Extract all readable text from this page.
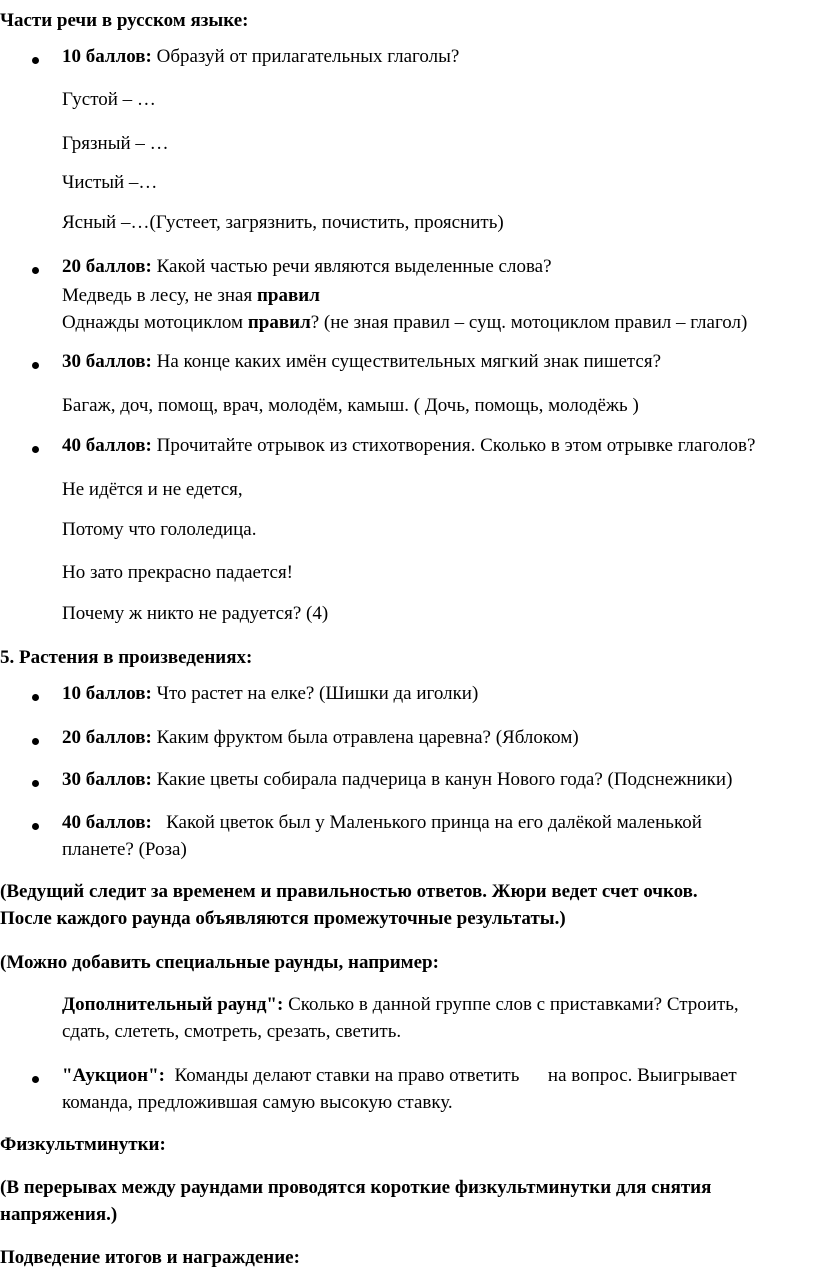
Части речи в русском языке:
10 баллов: Образуй от прилагательных глаголы?
Густой – …
Грязный – …
Чистый –…
Ясный –…(Густеет, загрязнить, почистить, прояснить)
20 баллов: Какой частью речи являются выделенные слова?
Медведь в лесу, не зная правил
Однажды мотоциклом правил? (не зная правил – сущ. мотоциклом правил – глагол)
30 баллов: На конце каких имён существительных мягкий знак пишется?
Багаж, доч, помощ, врач, молодём, камыш. ( Дочь, помощь, молодёжь )
40 баллов: Прочитайте отрывок из стихотворения. Сколько в этом отрывке глаголов?
Не идётся и не едется,
Потому что гололедица.
Но зато прекрасно падается!
Почему ж никто не радуется? (4)
5. Растения в произведениях:
10 баллов: Что растет на елке? (Шишки да иголки)
20 баллов: Каким фруктом была отравлена царевна? (Яблоком)
30 баллов: Какие цветы собирала падчерица в канун Нового года? (Подснежники)
40 баллов:   Какой цветок был у Маленького принца на его далёкой маленькой
планете? (Роза)
(Ведущий следит за временем и правильностью ответов. Жюри ведет счет очков.
После каждого раунда объявляются промежуточные результаты.)
(Можно добавить специальные раунды, например:
Дополнительный раунд": Сколько в данной группе слов с приставками? Строить,
сдать, слететь, смотреть, срезать, светить.
"Аукцион":  Команды делают ставки на право ответить      на вопрос. Выигрывает
команда, предложившая самую высокую ставку.
Физкультминутки:
(В перерывах между раундами проводятся короткие физкультминутки для снятия
напряжения.)
Подведение итогов и награждение:
